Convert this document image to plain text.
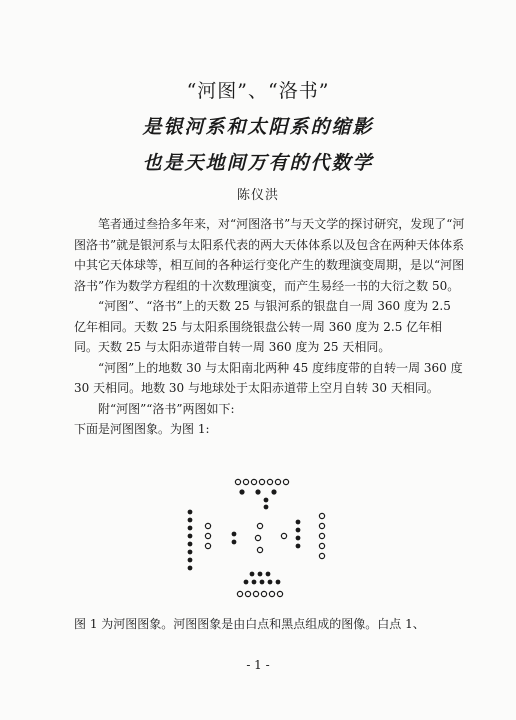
“河图”、“洛书”
是银河系和太阳系的缩影
也是天地间万有的代数学
陈仪洪

笔者通过叁拾多年来，对“河图洛书”与天文学的探讨研究，发现了“河图洛书”就是银河系与太阳系代表的两大天体体系以及包含在两种天体体系中其它天体球等，相互间的各种运行变化产生的数理演变周期，是以“河图洛书”作为数学方程组的十次数理演变，而产生易经一书的大衍之数 50。

“河图”、“洛书”上的天数 25 与银河系的银盘自一周 360 度为 2.5 亿年相同。天数 25 与太阳系围绕银盘公转一周 360 度为 2.5 亿年相同。天数 25 与太阳赤道带自转一周 360 度为 25 天相同。

“河图”上的地数 30 与太阳南北两种 45 度纬度带的自转一周 360 度 30 天相同。地数 30 与地球处于太阳赤道带上空月自转 30 天相同。

附“河图”“洛书”两图如下:

下面是河图图象。为图 1:

图 1 为河图图象。河图图象是由白点和黑点组成的图像。白点 1、
- 1 -
